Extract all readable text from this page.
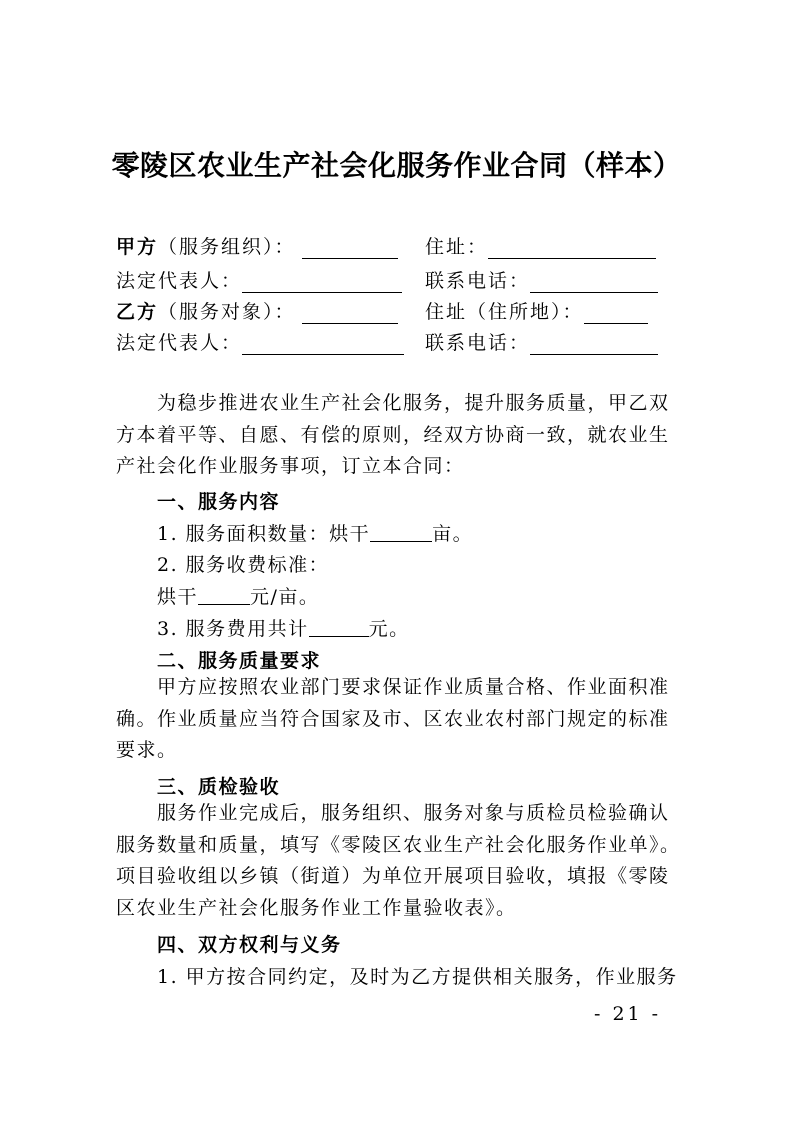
零陵区农业生产社会化服务作业合同（样本）
甲方（服务组织）：	住址：
法定代表人：	联系电话：
乙方（服务对象）：	住址（住所地）：
法定代表人：	联系电话：
为稳步推进农业生产社会化服务，提升服务质量，甲乙双方本着平等、自愿、有偿的原则，经双方协商一致，就农业生产社会化作业服务事项，订立本合同：
一、服务内容
1. 服务面积数量：烘干	亩。
2. 服务收费标准：
烘干	元/亩。
3. 服务费用共计	元。
二、服务质量要求
甲方应按照农业部门要求保证作业质量合格、作业面积准确。作业质量应当符合国家及市、区农业农村部门规定的标准要求。
三、质检验收
服务作业完成后，服务组织、服务对象与质检员检验确认服务数量和质量，填写《零陵区农业生产社会化服务作业单》。项目验收组以乡镇（街道）为单位开展项目验收，填报《零陵区农业生产社会化服务作业工作量验收表》。
四、双方权利与义务
1. 甲方按合同约定，及时为乙方提供相关服务，作业服务
- 21 -
